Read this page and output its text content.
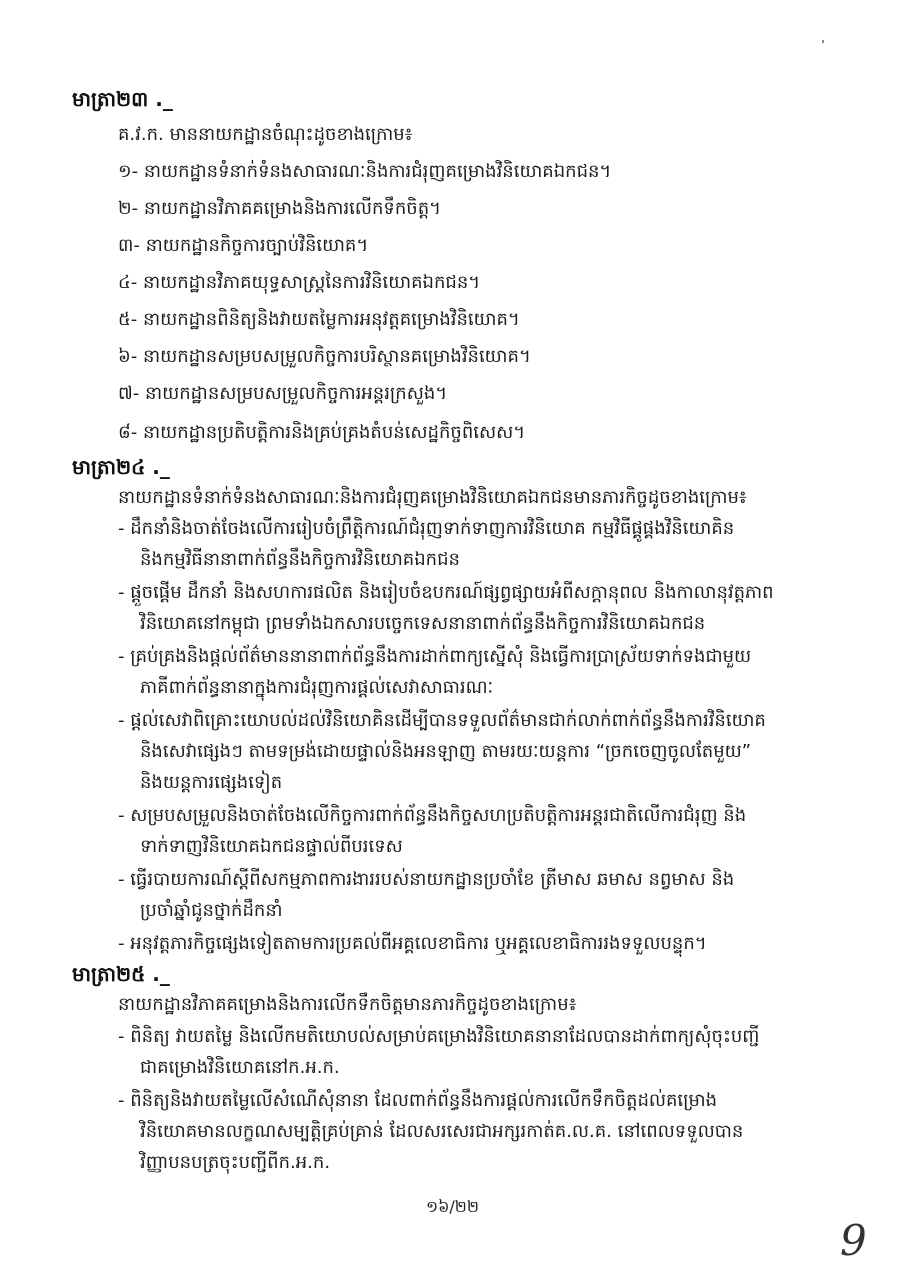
មាត្រា២៣ ._
គ.វ.ក. មាននាយកដ្ឋានចំណុះដូចខាងក្រោម៖
១- នាយកដ្ឋានទំនាក់ទំនងសាធារណៈនិងការជំរុញគម្រោងវិនិយោគឯកជន។
២- នាយកដ្ឋានវិភាគគម្រោងនិងការលើកទឹកចិត្ត។
៣- នាយកដ្ឋានកិច្ចការច្បាប់វិនិយោគ។
៤- នាយកដ្ឋានវិភាគយុទ្ធសាស្ត្រនៃការវិនិយោគឯកជន។
៥- នាយកដ្ឋានពិនិត្យនិងវាយតម្លៃការអនុវត្តគម្រោងវិនិយោគ។
៦- នាយកដ្ឋានសម្របសម្រួលកិច្ចការបរិស្ថានគម្រោងវិនិយោគ។
៧- នាយកដ្ឋានសម្របសម្រួលកិច្ចការអន្តរក្រសួង។
៨- នាយកដ្ឋានប្រតិបត្តិការនិងគ្រប់គ្រងតំបន់សេដ្ឋកិច្ចពិសេស។
មាត្រា២៤ ._
នាយកដ្ឋានទំនាក់ទំនងសាធារណៈនិងការជំរុញគម្រោងវិនិយោគឯកជនមានភារកិច្ចដូចខាងក្រោម៖
- ដឹកនាំនិងចាត់ចែងលើការរៀបចំព្រឹត្តិការណ៍ជំរុញទាក់ទាញការវិនិយោគ កម្មវិធីផ្គូផ្គងវិនិយោគិន
និងកម្មវិធីនានាពាក់ព័ន្ធនឹងកិច្ចការវិនិយោគឯកជន
- ផ្តួចផ្តើម ដឹកនាំ និងសហការផលិត និងរៀបចំឧបករណ៍ផ្សព្វផ្សាយអំពីសក្តានុពល និងកាលានុវត្តភាព
វិនិយោគនៅកម្ពុជា ព្រមទាំងឯកសារបច្ចេកទេសនានាពាក់ព័ន្ធនឹងកិច្ចការវិនិយោគឯកជន
- គ្រប់គ្រងនិងផ្តល់ព័ត៌មាននានាពាក់ព័ន្ធនឹងការដាក់ពាក្យស្នើសុំ និងធ្វើការប្រាស្រ័យទាក់ទងជាមួយ
ភាគីពាក់ព័ន្ធនានាក្នុងការជំរុញការផ្តល់សេវាសាធារណៈ
- ផ្តល់សេវាពិគ្រោះយោបល់ដល់វិនិយោគិនដើម្បីបានទទួលព័ត៌មានជាក់លាក់ពាក់ព័ន្ធនឹងការវិនិយោគ
និងសេវាផ្សេងៗ តាមទម្រង់ដោយផ្ទាល់និងអនឡាញ តាមរយៈយន្តការ “ច្រកចេញចូលតែមួយ”
និងយន្តការផ្សេងទៀត
- សម្របសម្រួលនិងចាត់ចែងលើកិច្ចការពាក់ព័ន្ធនឹងកិច្ចសហប្រតិបត្តិការអន្តរជាតិលើការជំរុញ និង
ទាក់ទាញវិនិយោគឯកជនផ្ទាល់ពីបរទេស
- ធ្វើរបាយការណ៍ស្តីពីសកម្មភាពការងាររបស់នាយកដ្ឋានប្រចាំខែ ត្រីមាស ឆមាស នព្វមាស និង
ប្រចាំឆ្នាំជូនថ្នាក់ដឹកនាំ
- អនុវត្តភារកិច្ចផ្សេងទៀតតាមការប្រគល់ពីអគ្គលេខាធិការ ឬអគ្គលេខាធិការរងទទួលបន្ទុក។
មាត្រា២៥ ._
នាយកដ្ឋានវិភាគគម្រោងនិងការលើកទឹកចិត្តមានភារកិច្ចដូចខាងក្រោម៖
- ពិនិត្យ វាយតម្លៃ និងលើកមតិយោបល់សម្រាប់គម្រោងវិនិយោគនានាដែលបានដាក់ពាក្យសុំចុះបញ្ជី
ជាគម្រោងវិនិយោគនៅក.អ.ក.
- ពិនិត្យនិងវាយតម្លៃលើសំណើសុំនានា ដែលពាក់ព័ន្ធនឹងការផ្តល់ការលើកទឹកចិត្តដល់គម្រោង
វិនិយោគមានលក្ខណសម្បត្តិគ្រប់គ្រាន់ ដែលសរសេរជាអក្សរកាត់គ.ល.គ. នៅពេលទទួលបាន
វិញ្ញាបនបត្រចុះបញ្ជីពីក.អ.ក.
១៦/២២
9
